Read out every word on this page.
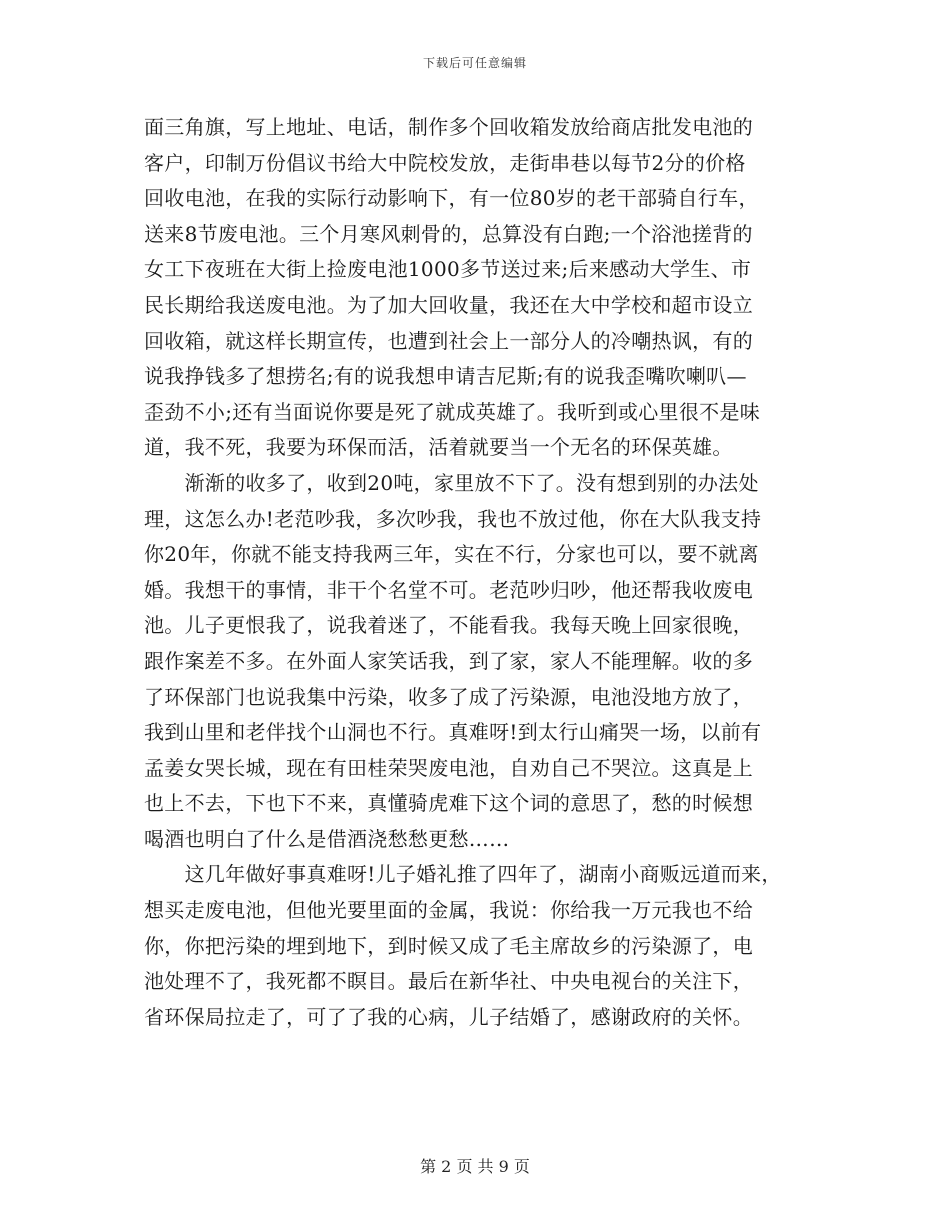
下载后可任意编辑
面三角旗，写上地址、电话，制作多个回收箱发放给商店批发电池的
客户，印制万份倡议书给大中院校发放，走街串巷以每节2分的价格
回收电池，在我的实际行动影响下，有一位80岁的老干部骑自行车，
送来8节废电池。三个月寒风刺骨的，总算没有白跑;一个浴池搓背的
女工下夜班在大街上捡废电池1000多节送过来;后来感动大学生、市
民长期给我送废电池。为了加大回收量，我还在大中学校和超市设立
回收箱，就这样长期宣传，也遭到社会上一部分人的冷嘲热讽，有的
说我挣钱多了想捞名;有的说我想申请吉尼斯;有的说我歪嘴吹喇叭—
歪劲不小;还有当面说你要是死了就成英雄了。我听到或心里很不是味
道，我不死，我要为环保而活，活着就要当一个无名的环保英雄。
　　渐渐的收多了，收到20吨，家里放不下了。没有想到别的办法处
理，这怎么办!老范吵我，多次吵我，我也不放过他，你在大队我支持
你20年，你就不能支持我两三年，实在不行，分家也可以，要不就离
婚。我想干的事情，非干个名堂不可。老范吵归吵，他还帮我收废电
池。儿子更恨我了，说我着迷了，不能看我。我每天晚上回家很晚，
跟作案差不多。在外面人家笑话我，到了家，家人不能理解。收的多
了环保部门也说我集中污染，收多了成了污染源，电池没地方放了，
我到山里和老伴找个山洞也不行。真难呀!到太行山痛哭一场，以前有
孟姜女哭长城，现在有田桂荣哭废电池，自劝自己不哭泣。这真是上
也上不去，下也下不来，真懂骑虎难下这个词的意思了，愁的时候想
喝酒也明白了什么是借酒浇愁愁更愁……
　　这几年做好事真难呀!儿子婚礼推了四年了，湖南小商贩远道而来，
想买走废电池，但他光要里面的金属，我说：你给我一万元我也不给
你，你把污染的埋到地下，到时候又成了毛主席故乡的污染源了，电
池处理不了，我死都不瞑目。最后在新华社、中央电视台的关注下，
省环保局拉走了，可了了我的心病，儿子结婚了，感谢政府的关怀。
第 2 页 共 9 页
